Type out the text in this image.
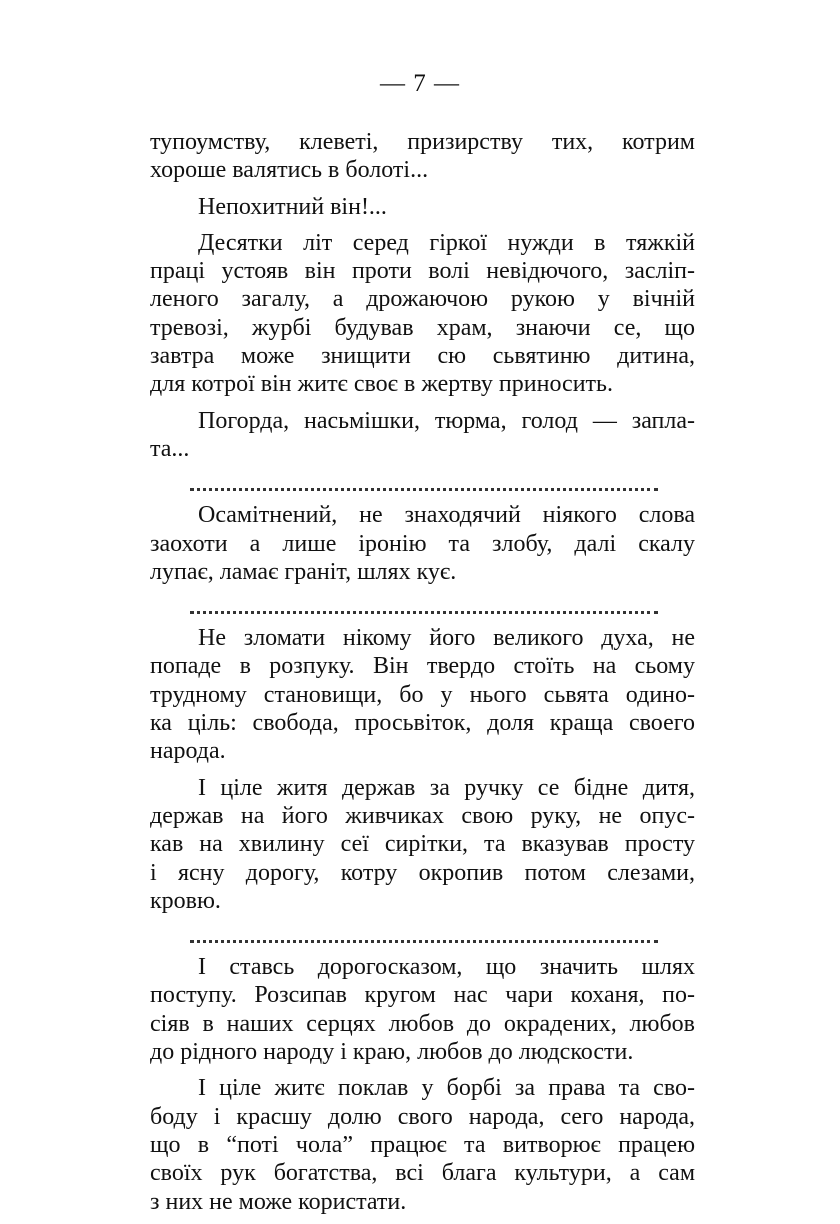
— 7 —
тупоумству, клеветі, призирству тих, котрим
хороше валятись в болоті...
Непохитний він!...
Десятки літ серед гіркої нужди в тяжкій
праці устояв він проти волі невідючого, засліп-
леного загалу, а дрожаючою рукою у вічній
тревозі, журбі будував храм, знаючи се, що
завтра може знищити сю сьвятиню дитина,
для котрої він житє своє в жертву приносить.
Погорда, насьмішки, тюрма, голод — запла-
та...
Осамітнений, не знаходячий ніякого слова
заохоти а лише іронію та злобу, далі скалу
лупає, ламає граніт, шлях кує.
Не зломати нікому його великого духа, не
попаде в розпуку. Він твердо стоїть на сьому
трудному становищи, бо у нього сьвята одино-
ка ціль: свобода, просьвіток, доля краща своего
народа.
І ціле житя держав за ручку се бідне дитя,
держав на його живчиках свою руку, не опус-
кав на хвилину сеї сирітки, та вказував просту
і ясну дорогу, котру окропив потом слезами,
кровю.
І ставсь дорогосказом, що значить шлях
поступу. Розсипав кругом нас чари коханя, по-
сіяв в наших серцях любов до окрадених, любов
до рідного народу і краю, любов до людскости.
І ціле житє поклав у борбі за права та сво-
боду і красшу долю свого народа, сего народа,
що в “поті чола” працює та витворює працею
своїх рук богатства, всі блага культури, а сам
з них не може користати.
